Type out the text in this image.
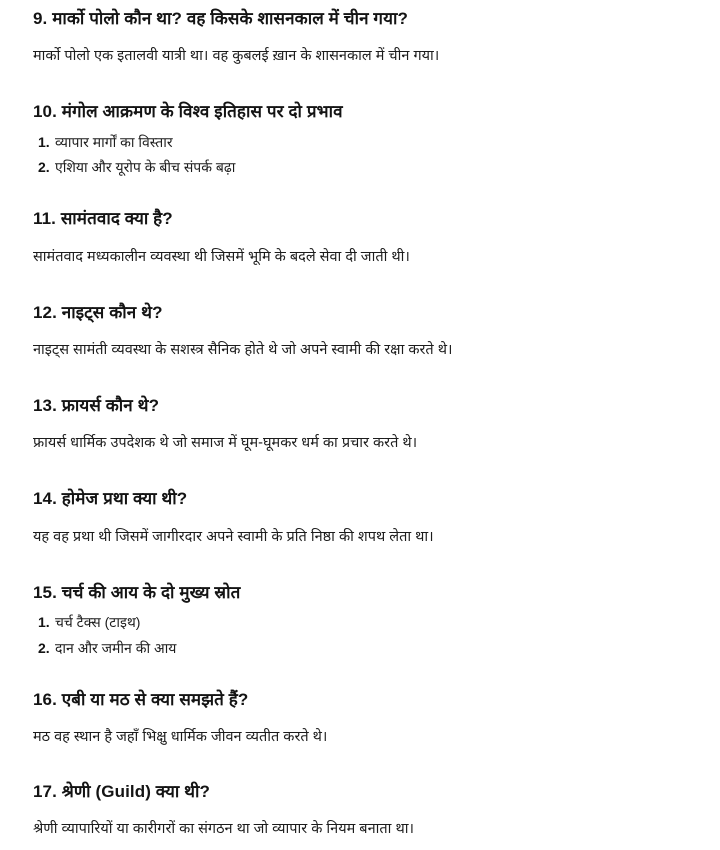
9. मार्को पोलो कौन था? वह किसके शासनकाल में चीन गया?
मार्को पोलो एक इतालवी यात्री था। वह कुबलई ख़ान के शासनकाल में चीन गया।
10. मंगोल आक्रमण के विश्व इतिहास पर दो प्रभाव
1. व्यापार मार्गों का विस्तार
2. एशिया और यूरोप के बीच संपर्क बढ़ा
11. सामंतवाद क्या है?
सामंतवाद मध्यकालीन व्यवस्था थी जिसमें भूमि के बदले सेवा दी जाती थी।
12. नाइट्स कौन थे?
नाइट्स सामंती व्यवस्था के सशस्त्र सैनिक होते थे जो अपने स्वामी की रक्षा करते थे।
13. फ्रायर्स कौन थे?
फ्रायर्स धार्मिक उपदेशक थे जो समाज में घूम-घूमकर धर्म का प्रचार करते थे।
14. होमेज प्रथा क्या थी?
यह वह प्रथा थी जिसमें जागीरदार अपने स्वामी के प्रति निष्ठा की शपथ लेता था।
15. चर्च की आय के दो मुख्य स्रोत
1. चर्च टैक्स (टाइथ)
2. दान और जमीन की आय
16. एबी या मठ से क्या समझते हैं?
मठ वह स्थान है जहाँ भिक्षु धार्मिक जीवन व्यतीत करते थे।
17. श्रेणी (Guild) क्या थी?
श्रेणी व्यापारियों या कारीगरों का संगठन था जो व्यापार के नियम बनाता था।
